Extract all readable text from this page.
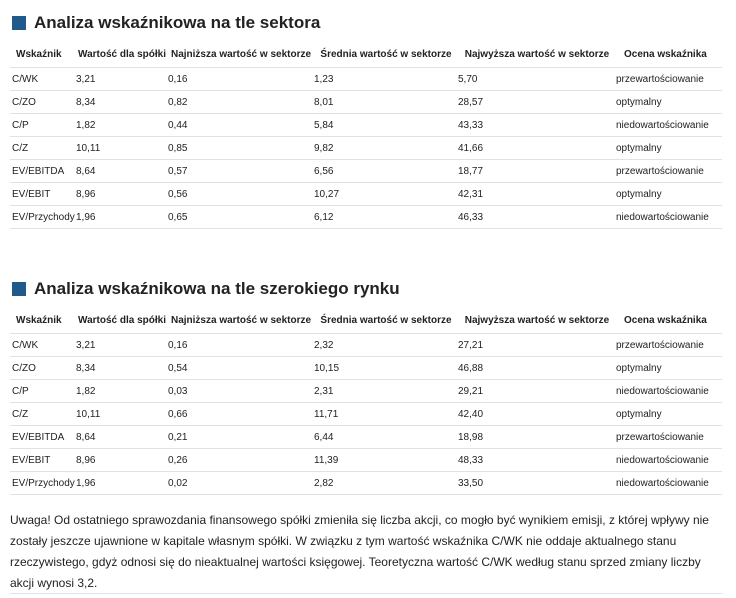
Analiza wskaźnikowa na tle sektora
Wskaźnik	Wartość dla spółki	Najniższa wartość w sektorze	Średnia wartość w sektorze	Najwyższa wartość w sektorze	Ocena wskaźnika
C/WK	3,21	0,16	1,23	5,70	przewartościowanie
C/ZO	8,34	0,82	8,01	28,57	optymalny
C/P	1,82	0,44	5,84	43,33	niedowartościowanie
C/Z	10,11	0,85	9,82	41,66	optymalny
EV/EBITDA	8,64	0,57	6,56	18,77	przewartościowanie
EV/EBIT	8,96	0,56	10,27	42,31	optymalny
EV/Przychody	1,96	0,65	6,12	46,33	niedowartościowanie
Analiza wskaźnikowa na tle szerokiego rynku
Wskaźnik	Wartość dla spółki	Najniższa wartość w sektorze	Średnia wartość w sektorze	Najwyższa wartość w sektorze	Ocena wskaźnika
C/WK	3,21	0,16	2,32	27,21	przewartościowanie
C/ZO	8,34	0,54	10,15	46,88	optymalny
C/P	1,82	0,03	2,31	29,21	niedowartościowanie
C/Z	10,11	0,66	11,71	42,40	optymalny
EV/EBITDA	8,64	0,21	6,44	18,98	przewartościowanie
EV/EBIT	8,96	0,26	11,39	48,33	niedowartościowanie
EV/Przychody	1,96	0,02	2,82	33,50	niedowartościowanie
Uwaga! Od ostatniego sprawozdania finansowego spółki zmieniła się liczba akcji, co mogło być wynikiem emisji, z której wpływy nie zostały jeszcze ujawnione w kapitale własnym spółki. W związku z tym wartość wskaźnika C/WK nie oddaje aktualnego stanu rzeczywistego, gdyż odnosi się do nieaktualnej wartości księgowej. Teoretyczna wartość C/WK według stanu sprzed zmiany liczby akcji wynosi 3,2.
